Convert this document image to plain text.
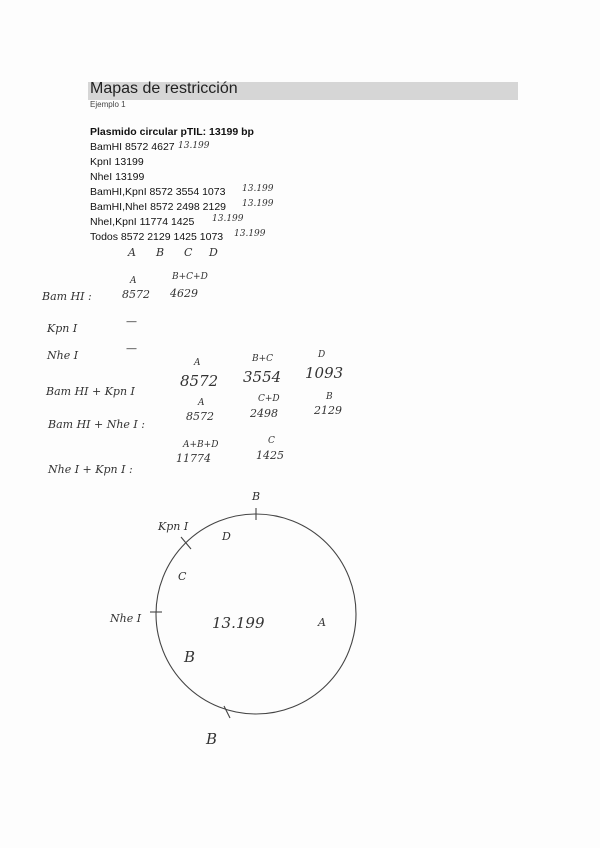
Mapas de restricción
Ejemplo 1
Plasmido circular pTIL: 13199 bp
BamHI 8572 4627
KpnI 13199
NheI 13199
BamHI,KpnI 8572 3554 1073
BamHI,NheI 8572 2498 2129
NheI,KpnI 11774 1425
Todos 8572 2129 1425 1073
13.199
13.199
13.199
13.199
13.199
A B C D
Bam HI :
A	B+C+D
8572 4629
Kpn I
—
Nhe I
—
Bam HI + Kpn I
A	B+C	D
8572 3554 1093
Bam HI + Nhe I :
A	C+D	B
8572	2498	2129
Nhe I + Kpn I :
A+B+D	C
11774	1425
B
Kpn I
Nhe I
B
D
C
B
A
13.199
